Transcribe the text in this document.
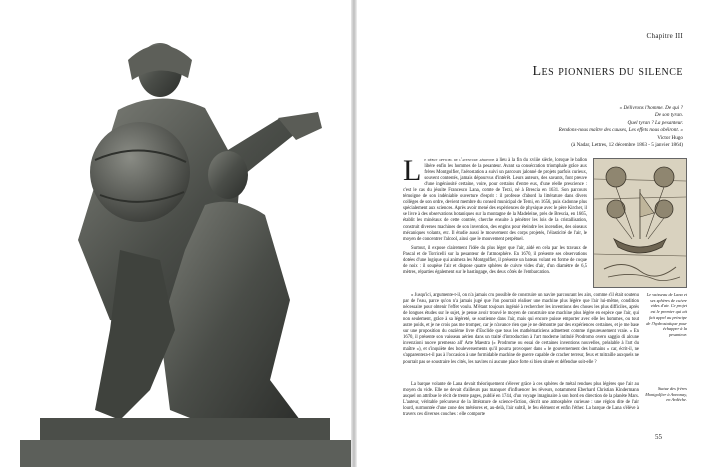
Chapitre III
Les pionniers du silence
« Délivrons l'homme. De qui ?
De son tyran.
Quel tyran ? La pesanteur.
Rendons-nous maître des causes, Les effets nous obéiront. »
Victor Hugo
(à Nadar, Lettres, 12 décembre 1863 - 5 janvier 1864)

Le début officiel de l'aventure aérienne a lieu à la fin du xviiie siècle, lorsque le ballon libère enfin les hommes de la pesanteur. Avant sa consécration triomphale grâce aux frères Montgolfier, l'aérostation a suivi un parcours jalonné de projets parfois curieux, souvent contestés, jamais dépourvus d'intérêt. Leurs auteurs, des savants, font preuve d'une ingéniosité certaine, voire, pour certains d'entre eux, d'une réelle prescience : c'est le cas du jésuite Francesco Lana, comte de Terzi, né à Brescia en 1631. Son parcours témoigne de son indéniable ouverture d'esprit : il professe d'abord la littérature dans divers collèges de son ordre, devient membre du conseil municipal de Terni, en 1656, puis s'adonne plus spécialement aux sciences. Après avoir mené des expériences de physique avec le père Kircher, il se livre à des observations botaniques sur la montagne de la Madeleine, près de Brescia, en 1665, établit les minéraux de cette contrée, cherche ensuite à pénétrer les lois de la cristallisation, construit diverses machines de son invention, des engins pour éteindre les incendies, des oiseaux mécaniques volants, etc. Il étudie aussi le mouvement des corps projetés, l'élasticité de l'air, le moyen de concentrer l'alcool, ainsi que le mouvement perpétuel.

Surtout, il expose clairement l'idée du plus léger que l'air, aidé en cela par les travaux de Pascal et de Torricelli sur la pesanteur de l'atmosphère. En 1670, il présente ses observations dotées d'une logique qui animera les Montgolfier, il présente un bateau volant en forme de coque de noix : il soupèse l'air et dispose quatre sphères de cuivre vides d'air, d'un diamètre de 6,5 mètres, réparties également sur le bastingage, des deux côtés de l'embarcation.

« Jusqu'ici, argumente-t-il, on n'a jamais cru possible de construire un navire parcourant les airs, comme s'il était soutenu par de l'eau, parce qu'on n'a jamais jugé que l'on pourrait réaliser une machine plus légère que l'air lui-même, condition nécessaire pour obtenir l'effet voulu. M'étant toujours ingénié à rechercher les inventions des choses les plus difficiles, après de longues études sur le sujet, je pense avoir trouvé le moyen de construire une machine plus légère en espèce que l'air, qui non seulement, grâce à sa légèreté, se soutienne dans l'air, mais qui encore puisse emporter avec elle les hommes, ou tout autre poids, et je ne crois pas me tromper, car je n'avance rien que je ne démontre par des expériences certaines, et je me base sur une proposition du onzième livre d'Euclide que tous les mathématiciens admettent comme rigoureusement vraie. » En 1670, il présente son vaisseau aérien dans un traité d'introduction à l'art moderne intitulé Prodromo overo saggio di alcune invenzioni nuove premesso all' Arte Maestra (« Prodrome ou essai de certaines inventions nouvelles, préalable à l'art du maître »), et s'inquiète des bouleversements qu'il pourra provoquer dans « le gouvernement des humains » car, écrit-il, ne s'apparentera-t-il pas à l'occasion à une formidable machine de guerre capable de cracher terreur, feux et mitraille auxquels ne pourrait pas se soustraire les cités, les navires ni aucune place forte si bien située et défendue soit-elle ?

La barque volante de Lana devait théoriquement s'élever grâce à ces sphères de métal rendues plus légères que l'air au moyen du vide. Elle ne devait d'ailleurs pas manquer d'influencer les rêveurs, notamment Eberhard Christian Kindermann auquel on attribue le récit de trente pages, publié en 1744, d'un voyage imaginaire à son bord en direction de la planète Mars. L'auteur, véritable précurseur de la littérature de science-fiction, décrit une atmosphère curieuse : une région dite de l'air lourd, surmontée d'une zone des météores et, au-delà, l'air subtil, le feu élément et enfin l'éther. La barque de Lana s'élève à travers ces diverses couches : elle comporte

Le vaisseau de Lana et ses sphères de cuivre vides d'air. Ce projet est le premier qui ait fait appel au principe de l'hydrostatique pour échapper à la pesanteur.
Statue des frères Montgolfier à Annonay, en Ardèche.
55
